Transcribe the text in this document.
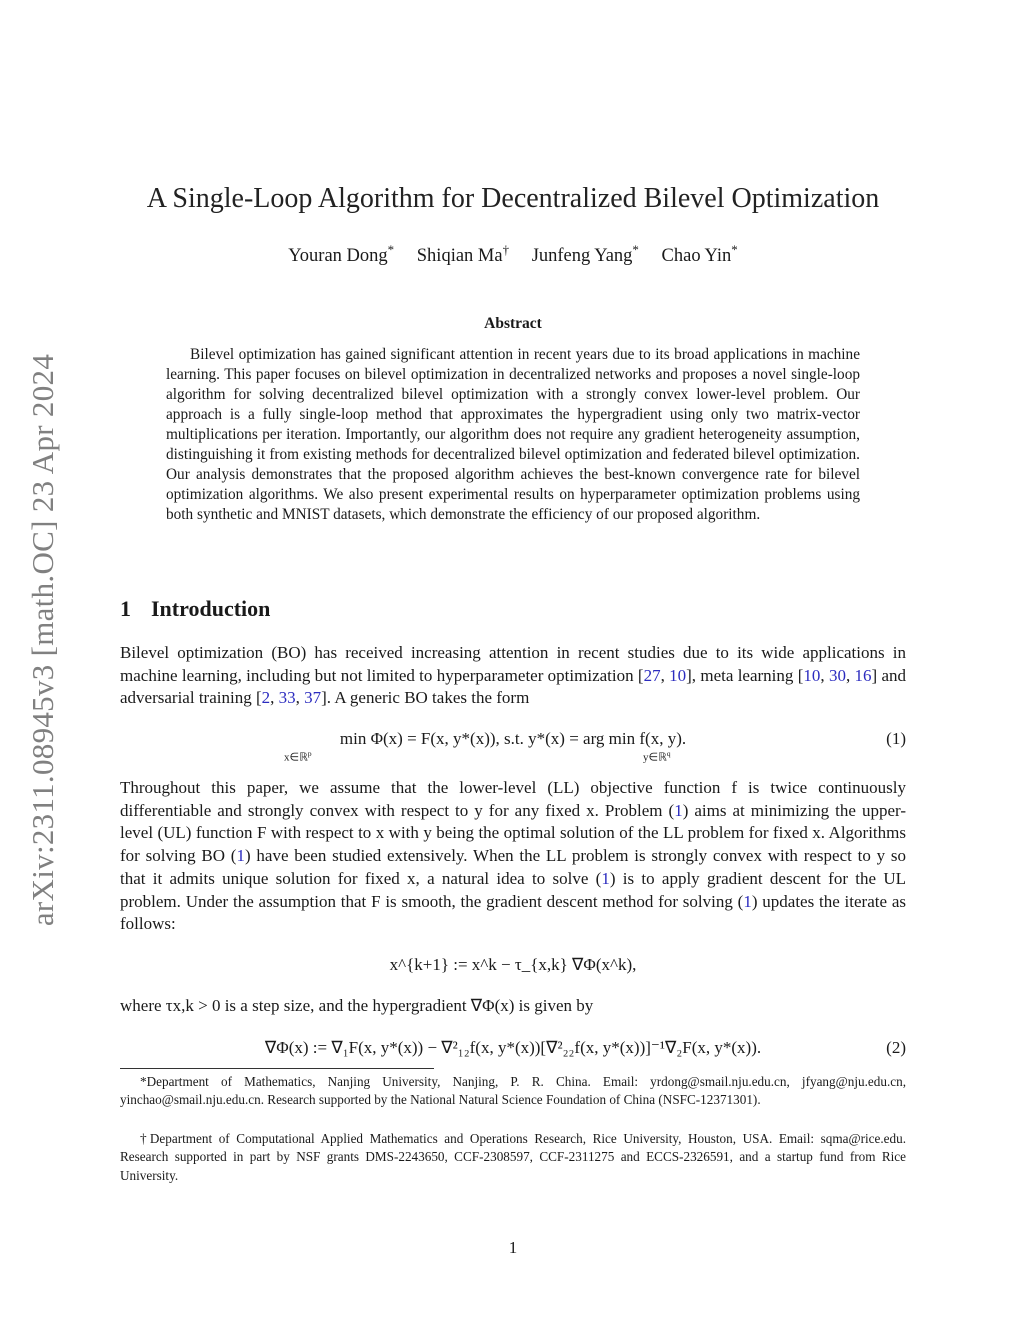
arXiv:2311.08945v3 [math.OC] 23 Apr 2024
A Single-Loop Algorithm for Decentralized Bilevel Optimization
Youran Dong* Shiqian Ma† Junfeng Yang* Chao Yin*
Abstract
Bilevel optimization has gained significant attention in recent years due to its broad applications in machine learning. This paper focuses on bilevel optimization in decentralized networks and proposes a novel single-loop algorithm for solving decentralized bilevel optimization with a strongly convex lower-level problem. Our approach is a fully single-loop method that approximates the hypergradient using only two matrix-vector multiplications per iteration. Importantly, our algorithm does not require any gradient heterogeneity assumption, distinguishing it from existing methods for decentralized bilevel optimization and federated bilevel optimization. Our analysis demonstrates that the proposed algorithm achieves the best-known convergence rate for bilevel optimization algorithms. We also present experimental results on hyperparameter optimization problems using both synthetic and MNIST datasets, which demonstrate the efficiency of our proposed algorithm.
1 Introduction
Bilevel optimization (BO) has received increasing attention in recent studies due to its wide applications in machine learning, including but not limited to hyperparameter optimization [27, 10], meta learning [10, 30, 16] and adversarial training [2, 33, 37]. A generic BO takes the form
min Φ(x) = F(x, y*(x)), s.t. y*(x) = arg min f(x, y).
x∈ℝ$^p$	y∈ℝ$^q$
(1)
Throughout this paper, we assume that the lower-level (LL) objective function f is twice continuously differentiable and strongly convex with respect to y for any fixed x. Problem (1) aims at minimizing the upper-level (UL) function F with respect to x with y being the optimal solution of the LL problem for fixed x. Algorithms for solving BO (1) have been studied extensively. When the LL problem is strongly convex with respect to y so that it admits unique solution for fixed x, a natural idea to solve (1) is to apply gradient descent for the UL problem. Under the assumption that F is smooth, the gradient descent method for solving (1) updates the iterate as follows:
x^{k+1} := x^k − τ_{x,k} ∇Φ(x^k),
where τx,k > 0 is a step size, and the hypergradient ∇Φ(x) is given by
∇Φ(x) := ∇₁F(x, y*(x)) − ∇²₁₂f(x, y*(x))[∇²₂₂f(x, y*(x))]⁻¹∇₂F(x, y*(x)).	(2)
*Department of Mathematics, Nanjing University, Nanjing, P. R. China. Email: yrdong@smail.nju.edu.cn, jfyang@nju.edu.cn, yinchao@smail.nju.edu.cn. Research supported by the National Natural Science Foundation of China (NSFC-12371301).
†Department of Computational Applied Mathematics and Operations Research, Rice University, Houston, USA. Email: sqma@rice.edu. Research supported in part by NSF grants DMS-2243650, CCF-2308597, CCF-2311275 and ECCS-2326591, and a startup fund from Rice University.
1
